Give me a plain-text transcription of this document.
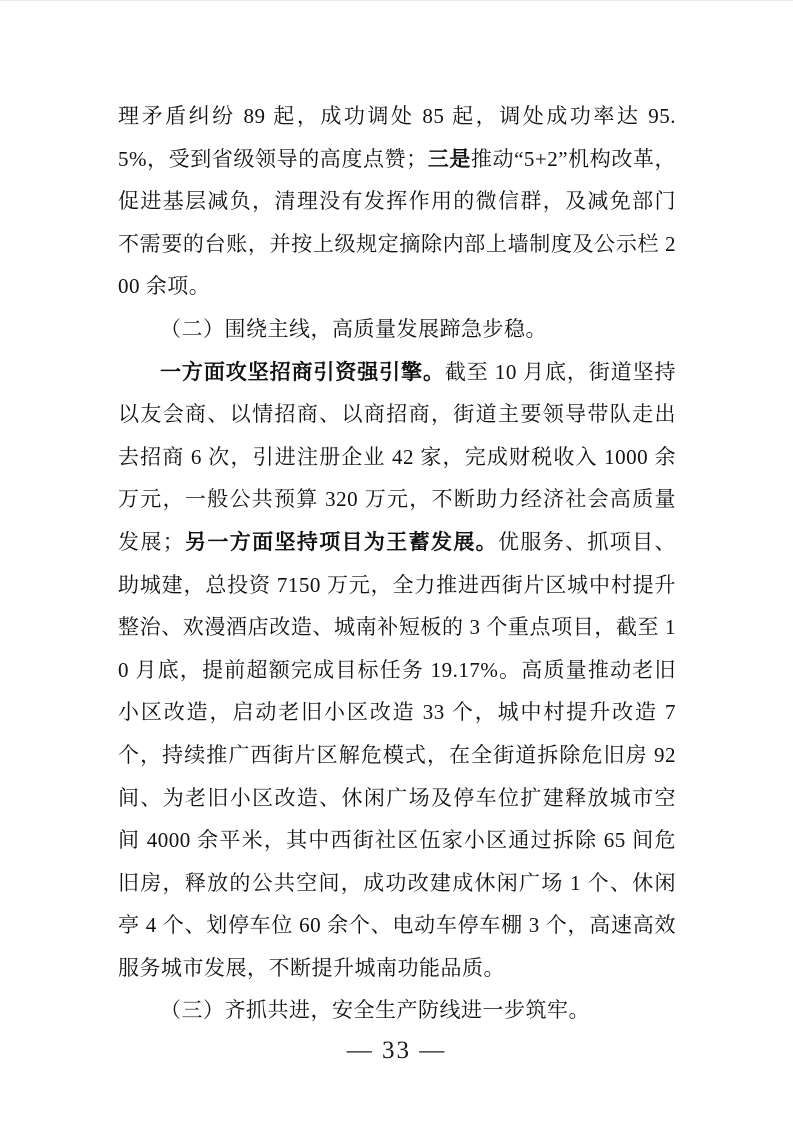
理矛盾纠纷 89 起，成功调处 85 起，调处成功率达 95.5%，受到省级领导的高度点赞；三是推动“5+2”机构改革，促进基层减负，清理没有发挥作用的微信群，及减免部门不需要的台账，并按上级规定摘除内部上墙制度及公示栏 200 余项。

（二）围绕主线，高质量发展蹄急步稳。

一方面攻坚招商引资强引擎。截至 10 月底，街道坚持以友会商、以情招商、以商招商，街道主要领导带队走出去招商 6 次，引进注册企业 42 家，完成财税收入 1000 余万元，一般公共预算 320 万元，不断助力经济社会高质量发展；另一方面坚持项目为王蓄发展。优服务、抓项目、助城建，总投资 7150 万元，全力推进西街片区城中村提升整治、欢漫酒店改造、城南补短板的 3 个重点项目，截至 10 月底，提前超额完成目标任务 19.17%。高质量推动老旧小区改造，启动老旧小区改造 33 个，城中村提升改造 7 个，持续推广西街片区解危模式，在全街道拆除危旧房 92 间、为老旧小区改造、休闲广场及停车位扩建释放城市空间 4000 余平米，其中西街社区伍家小区通过拆除 65 间危旧房，释放的公共空间，成功改建成休闲广场 1 个、休闲亭 4 个、划停车位 60 余个、电动车停车棚 3 个，高速高效服务城市发展，不断提升城南功能品质。

（三）齐抓共进，安全生产防线进一步筑牢。

— 33 —
